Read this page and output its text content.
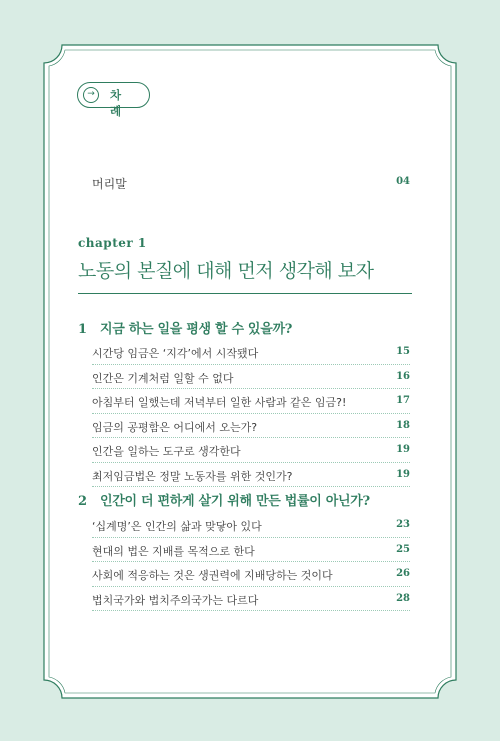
→	차 례
머리말	04
chapter 1
노동의 본질에 대해 먼저 생각해 보자
1 지금 하는 일을 평생 할 수 있을까?
시간당 임금은 ‘지각’에서 시작됐다	15
인간은 기계처럼 일할 수 없다	16
아침부터 일했는데 저녁부터 일한 사람과 같은 임금?!	17
임금의 공평함은 어디에서 오는가?	18
인간을 일하는 도구로 생각한다	19
최저임금법은 정말 노동자를 위한 것인가?	19
2 인간이 더 편하게 살기 위해 만든 법률이 아닌가?
‘십계명’은 인간의 삶과 맞닿아 있다	23
현대의 법은 지배를 목적으로 한다	25
사회에 적응하는 것은 생권력에 지배당하는 것이다	26
법치국가와 법치주의국가는 다르다	28
